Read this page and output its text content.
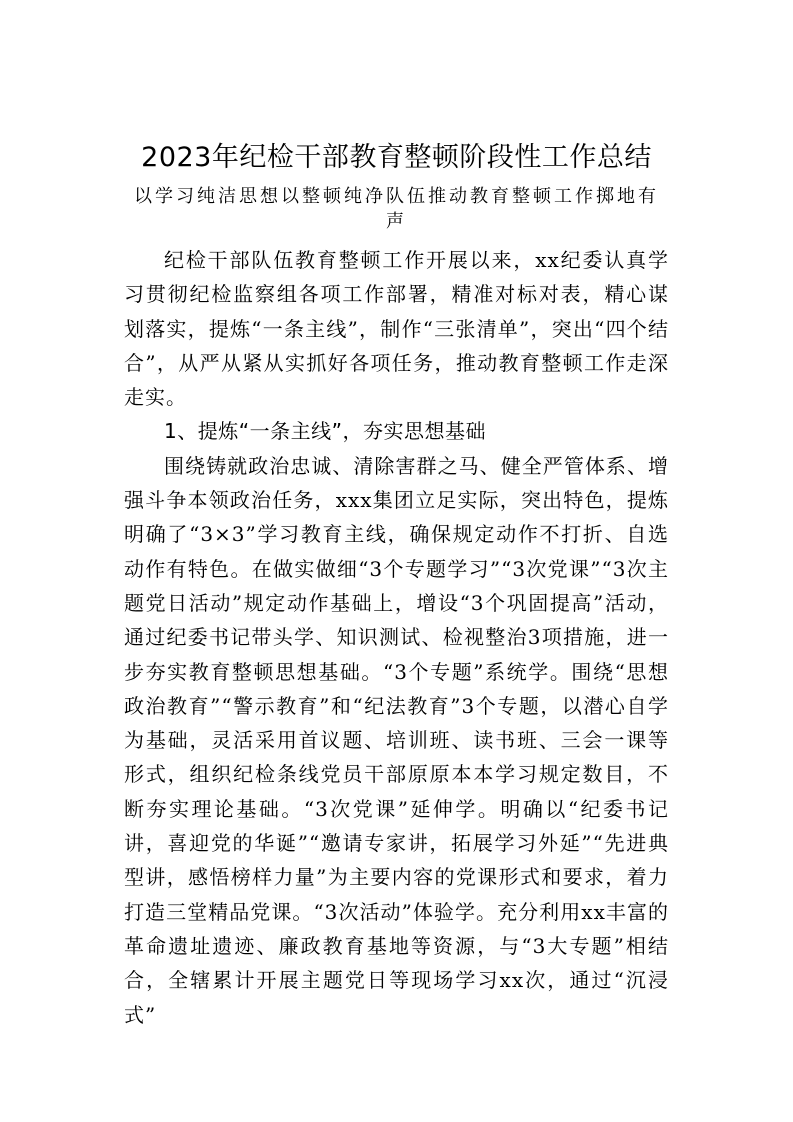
2023年纪检干部教育整顿阶段性工作总结

以学习纯洁思想以整顿纯净队伍推动教育整顿工作掷地有声

纪检干部队伍教育整顿工作开展以来，xx纪委认真学习贯彻纪检监察组各项工作部署，精准对标对表，精心谋划落实，提炼“一条主线”，制作“三张清单”，突出“四个结合”，从严从紧从实抓好各项任务，推动教育整顿工作走深走实。

1、提炼“一条主线”，夯实思想基础

围绕铸就政治忠诚、清除害群之马、健全严管体系、增强斗争本领政治任务，xxx集团立足实际，突出特色，提炼明确了“3×3”学习教育主线，确保规定动作不打折、自选动作有特色。在做实做细“3个专题学习”“3次党课”“3次主题党日活动”规定动作基础上，增设“3个巩固提高”活动，通过纪委书记带头学、知识测试、检视整治3项措施，进一步夯实教育整顿思想基础。“3个专题”系统学。围绕“思想政治教育”“警示教育”和“纪法教育”3个专题，以潜心自学为基础，灵活采用首议题、培训班、读书班、三会一课等形式，组织纪检条线党员干部原原本本学习规定数目，不断夯实理论基础。“3次党课”延伸学。明确以“纪委书记讲，喜迎党的华诞”“邀请专家讲，拓展学习外延”“先进典型讲，感悟榜样力量”为主要内容的党课形式和要求，着力打造三堂精品党课。“3次活动”体验学。充分利用xx丰富的革命遗址遗迹、廉政教育基地等资源，与“3大专题”相结合，全辖累计开展主题党日等现场学习xx次，通过“沉浸式”
